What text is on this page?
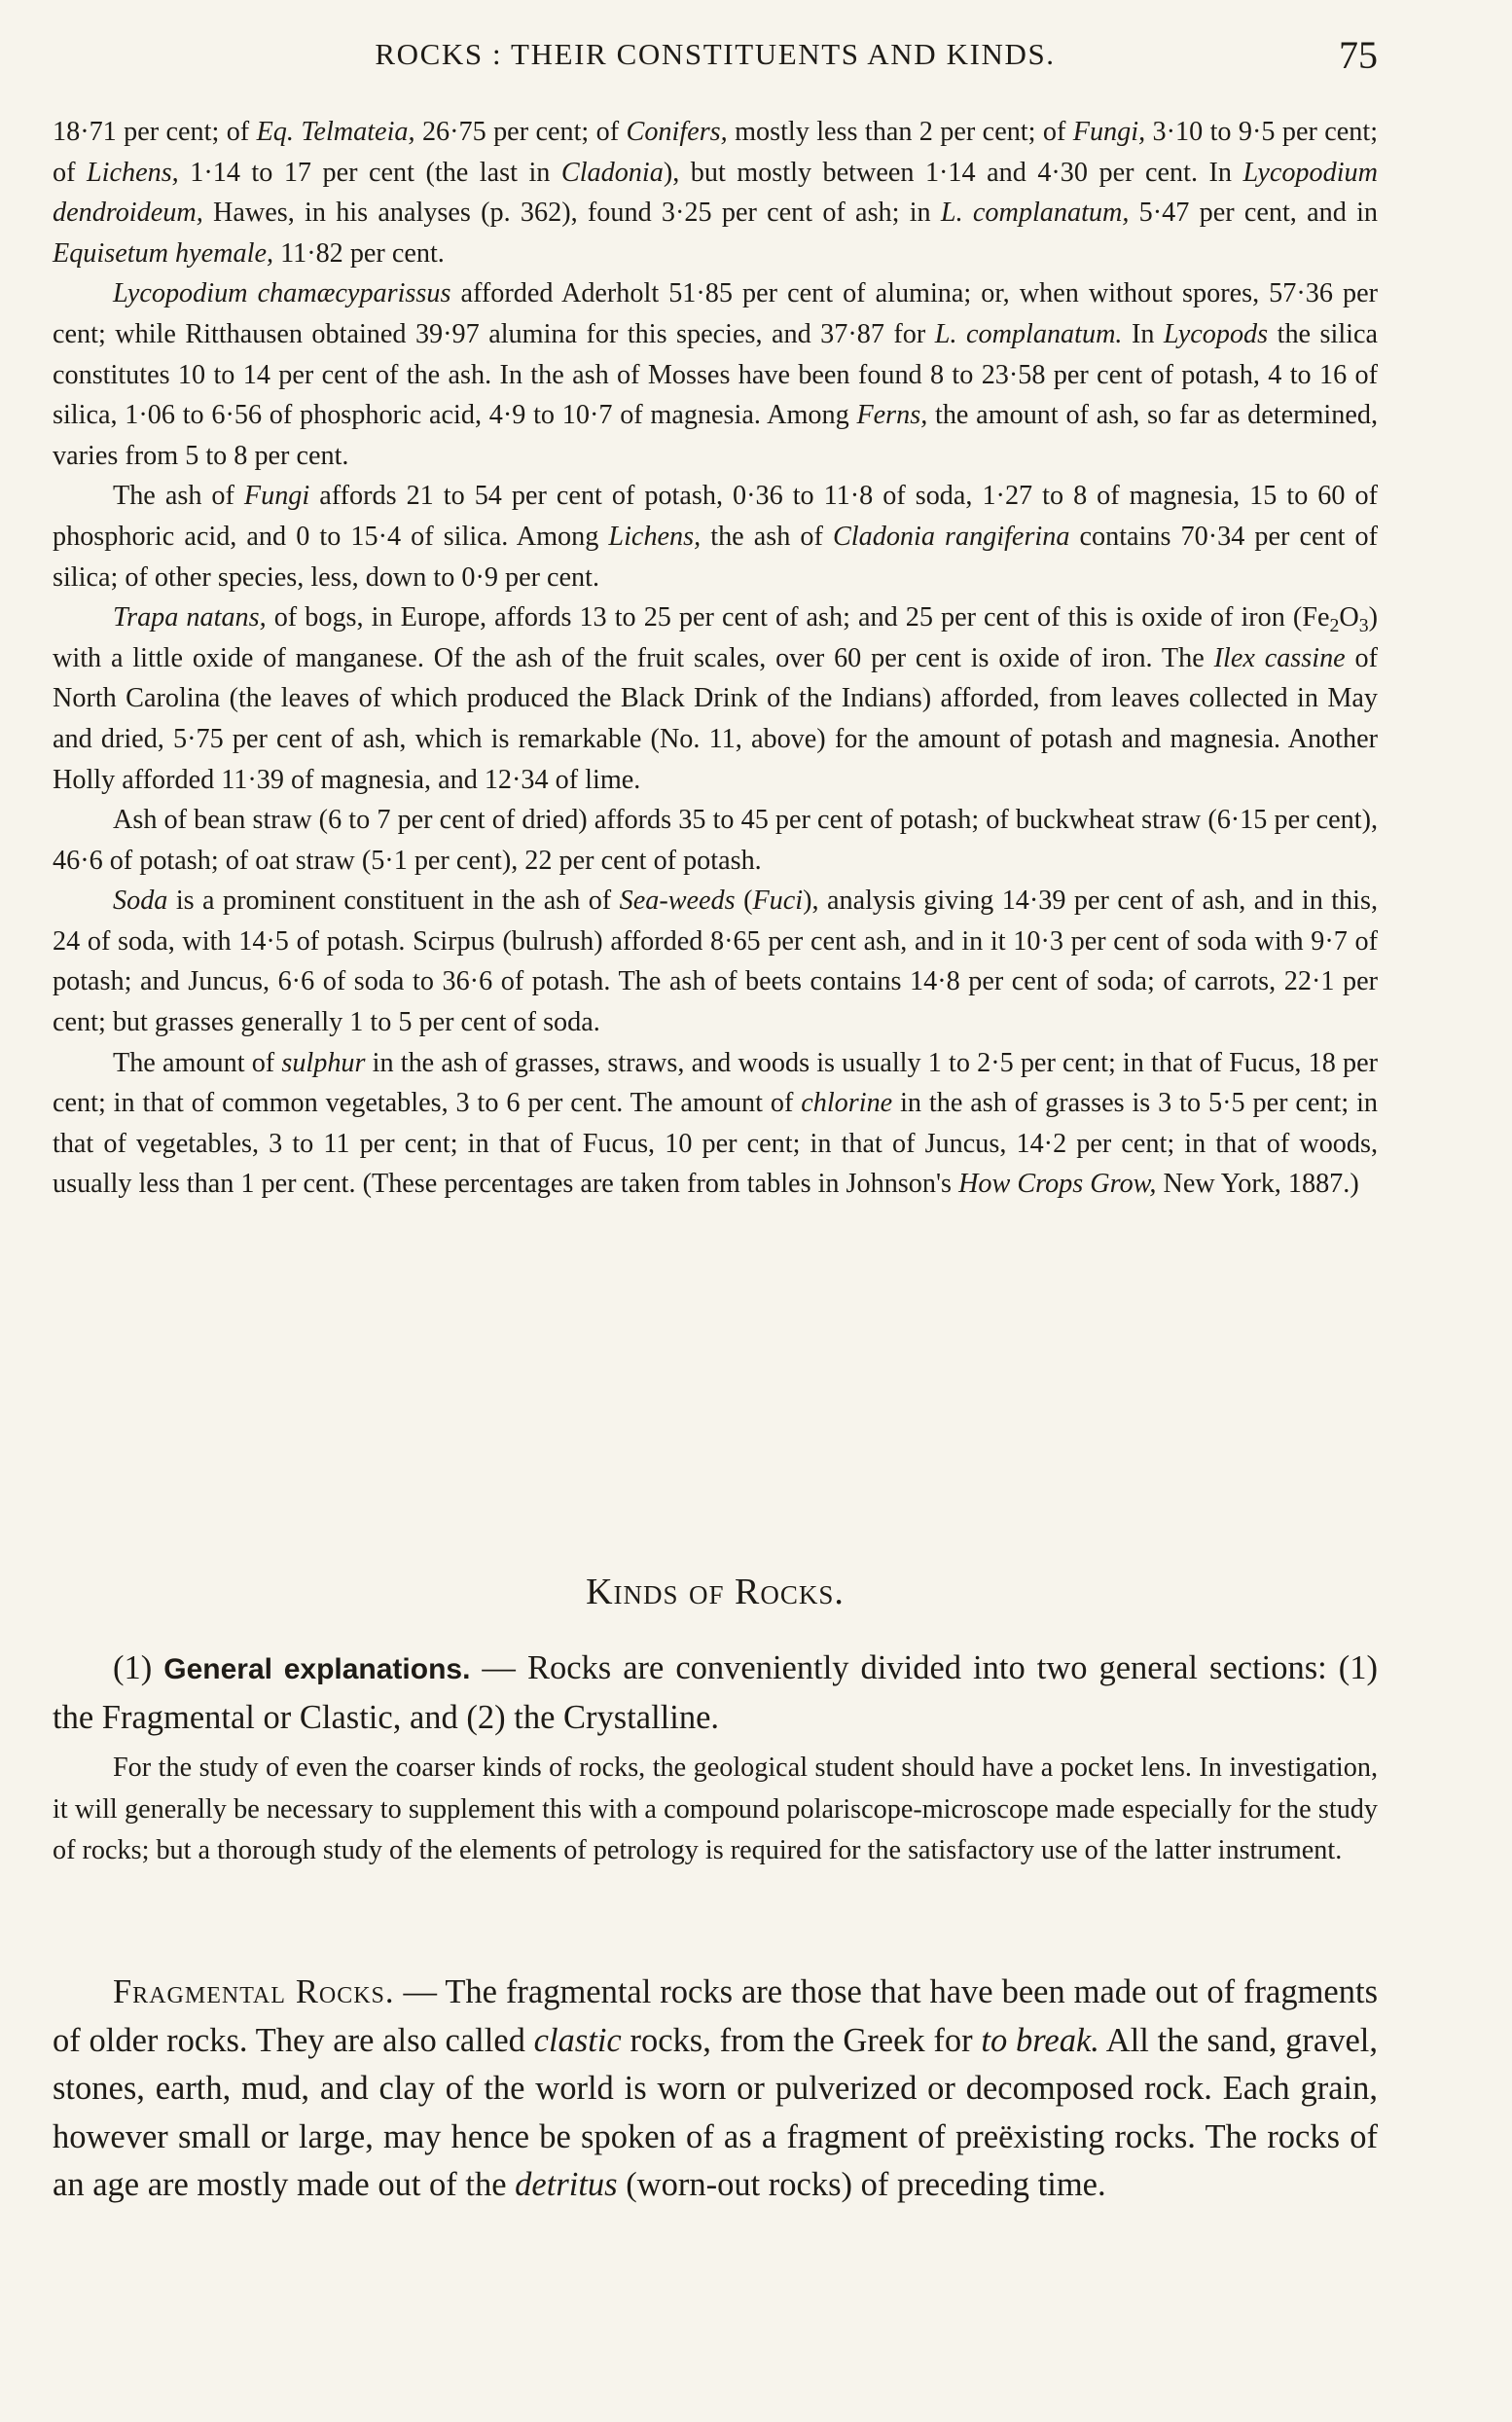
ROCKS : THEIR CONSTITUENTS AND KINDS.	75

18·71 per cent; of Eq. Telmateia, 26·75 per cent; of Conifers, mostly less than 2 per cent; of Fungi, 3·10 to 9·5 per cent; of Lichens, 1·14 to 17 per cent (the last in Cladonia), but mostly between 1·14 and 4·30 per cent. In Lycopodium dendroideum, Hawes, in his analyses (p. 362), found 3·25 per cent of ash; in L. complanatum, 5·47 per cent, and in Equisetum hyemale, 11·82 per cent.

Lycopodium chamæcyparissus afforded Aderholt 51·85 per cent of alumina; or, when without spores, 57·36 per cent; while Ritthausen obtained 39·97 alumina for this species, and 37·87 for L. complanatum. In Lycopods the silica constitutes 10 to 14 per cent of the ash. In the ash of Mosses have been found 8 to 23·58 per cent of potash, 4 to 16 of silica, 1·06 to 6·56 of phosphoric acid, 4·9 to 10·7 of magnesia. Among Ferns, the amount of ash, so far as determined, varies from 5 to 8 per cent.

The ash of Fungi affords 21 to 54 per cent of potash, 0·36 to 11·8 of soda, 1·27 to 8 of magnesia, 15 to 60 of phosphoric acid, and 0 to 15·4 of silica. Among Lichens, the ash of Cladonia rangiferina contains 70·34 per cent of silica; of other species, less, down to 0·9 per cent.

Trapa natans, of bogs, in Europe, affords 13 to 25 per cent of ash; and 25 per cent of this is oxide of iron $(Fe_2O_3)$ with a little oxide of manganese. Of the ash of the fruit scales, over 60 per cent is oxide of iron. The Ilex cassine of North Carolina (the leaves of which produced the Black Drink of the Indians) afforded, from leaves collected in May and dried, 5·75 per cent of ash, which is remarkable (No. 11, above) for the amount of potash and magnesia. Another Holly afforded 11·39 of magnesia, and 12·34 of lime.

Ash of bean straw (6 to 7 per cent of dried) affords 35 to 45 per cent of potash; of buckwheat straw (6·15 per cent), 46·6 of potash; of oat straw (5·1 per cent), 22 per cent of potash.

Soda is a prominent constituent in the ash of Sea-weeds (Fuci), analysis giving 14·39 per cent of ash, and in this, 24 of soda, with 14·5 of potash. Scirpus (bulrush) afforded 8·65 per cent ash, and in it 10·3 per cent of soda with 9·7 of potash; and Juncus, 6·6 of soda to 36·6 of potash. The ash of beets contains 14·8 per cent of soda; of carrots, 22·1 per cent; but grasses generally 1 to 5 per cent of soda.

The amount of sulphur in the ash of grasses, straws, and woods is usually 1 to 2·5 per cent; in that of Fucus, 18 per cent; in that of common vegetables, 3 to 6 per cent. The amount of chlorine in the ash of grasses is 3 to 5·5 per cent; in that of vegetables, 3 to 11 per cent; in that of Fucus, 10 per cent; in that of Juncus, 14·2 per cent; in that of woods, usually less than 1 per cent. (These percentages are taken from tables in Johnson's How Crops Grow, New York, 1887.)

Kinds of Rocks.

(1) General explanations. — Rocks are conveniently divided into two general sections: (1) the Fragmental or Clastic, and (2) the Crystalline.

For the study of even the coarser kinds of rocks, the geological student should have a pocket lens. In investigation, it will generally be necessary to supplement this with a compound polariscope-microscope made especially for the study of rocks; but a thorough study of the elements of petrology is required for the satisfactory use of the latter instrument.

Fragmental Rocks. — The fragmental rocks are those that have been made out of fragments of older rocks. They are also called clastic rocks, from the Greek for to break. All the sand, gravel, stones, earth, mud, and clay of the world is worn or pulverized or decomposed rock. Each grain, however small or large, may hence be spoken of as a fragment of preëxisting rocks. The rocks of an age are mostly made out of the detritus (worn-out rocks) of preceding time.
